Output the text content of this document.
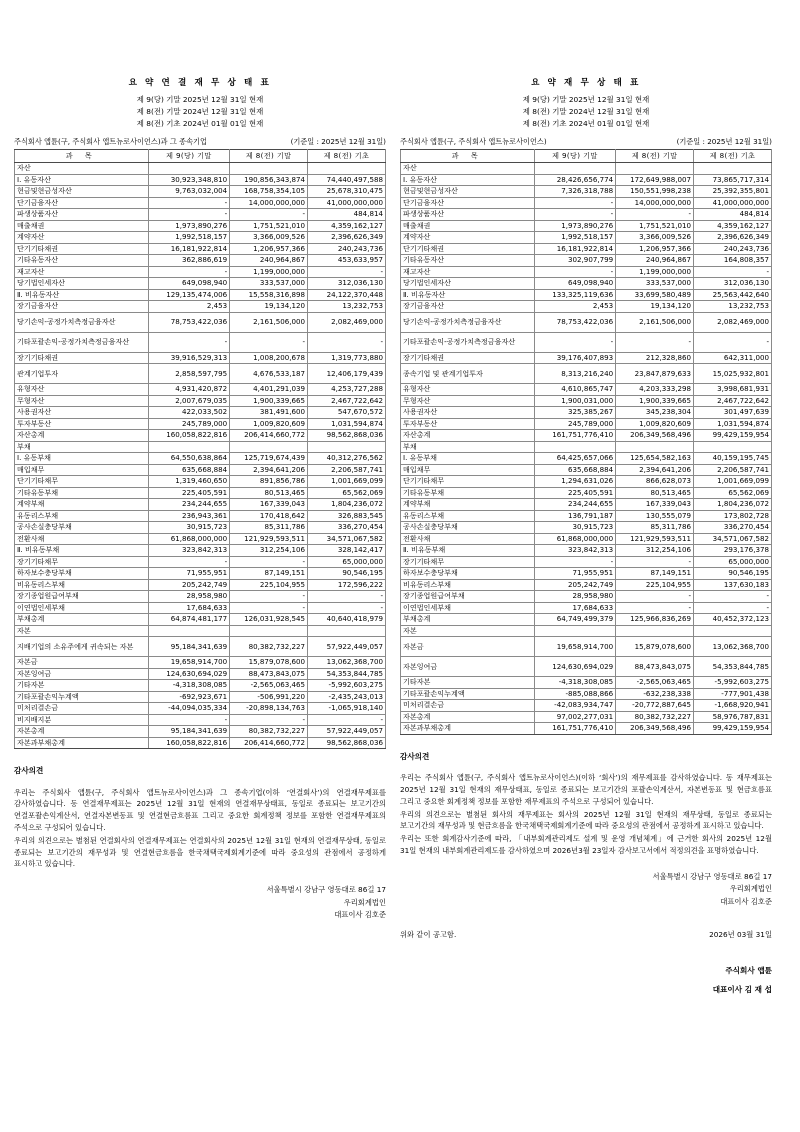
요 약 연 결 재 무 상 태 표
제 9(당) 기말 2025년 12월 31일 현재
제 8(전) 기말 2024년 12월 31일 현재
제 8(전) 기초 2024년 01월 01일 현재
주식회사 앱튠(구, 주식회사 앱트뉴로사이언스)과 그 종속기업	(기준일 : 2025년 12월 31일)
과 목	제 9(당) 기말	제 8(전) 기말	제 8(전) 기초
자산			
Ⅰ. 유동자산	30,923,348,810	190,856,343,874	74,440,497,588
현금및현금성자산	9,763,032,004	168,758,354,105	25,678,310,475
단기금융자산	-	14,000,000,000	41,000,000,000
파생상품자산	-	-	484,814
매출채권	1,973,890,276	1,751,521,010	4,359,162,127
계약자산	1,992,518,157	3,366,009,526	2,396,626,349
단기기타채권	16,181,922,814	1,206,957,366	240,243,736
기타유동자산	362,886,619	240,964,867	453,633,957
재고자산	-	1,199,000,000	-
당기법인세자산	649,098,940	333,537,000	312,036,130
Ⅱ. 비유동자산	129,135,474,006	15,558,316,898	24,122,370,448
장기금융자산	2,453	19,134,120	13,232,753
당기손익-공정가치측정금융자산	78,753,422,036	2,161,506,000	2,082,469,000
기타포괄손익-공정가치측정금융자산	-	-	-
장기기타채권	39,916,529,313	1,008,200,678	1,319,773,880
관계기업투자	2,858,597,795	4,676,533,187	12,406,179,439
유형자산	4,931,420,872	4,401,291,039	4,253,727,288
무형자산	2,007,679,035	1,900,339,665	2,467,722,642
사용권자산	422,033,502	381,491,600	547,670,572
투자부동산	245,789,000	1,009,820,609	1,031,594,874
자산총계	160,058,822,816	206,414,660,772	98,562,868,036
부채			
Ⅰ. 유동부채	64,550,638,864	125,719,674,439	40,312,276,562
매입채무	635,668,884	2,394,641,206	2,206,587,741
단기기타채무	1,319,460,650	891,856,786	1,001,669,099
기타유동부채	225,405,591	80,513,465	65,562,069
계약부채	234,244,655	167,339,043	1,804,236,072
유동리스부채	236,943,361	170,418,642	326,883,545
공사손실충당부채	30,915,723	85,311,786	336,270,454
전환사채	61,868,000,000	121,929,593,511	34,571,067,582
Ⅱ. 비유동부채	323,842,313	312,254,106	328,142,417
장기기타채무	-	-	65,000,000
하자보수충당부채	71,955,951	87,149,151	90,546,195
비유동리스부채	205,242,749	225,104,955	172,596,222
장기종업원급여부채	28,958,980	-	-
이연법인세부채	17,684,633	-	-
부채총계	64,874,481,177	126,031,928,545	40,640,418,979
자본			
지배기업의 소유주에게 귀속되는 자본	95,184,341,639	80,382,732,227	57,922,449,057
자본금	19,658,914,700	15,879,078,600	13,062,368,700
자본잉여금	124,630,694,029	88,473,843,075	54,353,844,785
기타자본	-4,318,308,085	-2,565,063,465	-5,992,603,275
기타포괄손익누계액	-692,923,671	-506,991,220	-2,435,243,013
미처리결손금	-44,094,035,334	-20,898,134,763	-1,065,918,140
비지배지분	-	-	-
자본총계	95,184,341,639	80,382,732,227	57,922,449,057
자본과부채총계	160,058,822,816	206,414,660,772	98,562,868,036
감사의견

우리는 주식회사 앱튠(구, 주식회사 앱트뉴로사이언스)과 그 종속기업(이하 ‘연결회사’)의 연결재무제표를 감사하였습니다. 동 연결재무제표는 2025년 12월 31일 현재의 연결재무상태표, 동일로 종료되는 보고기간의 연결포괄손익계산서, 연결자본변동표 및 연결현금흐름표 그리고 중요한 회계정책 정보를 포함한 연결재무제표의 주석으로 구성되어 있습니다.

우리의 의견으로는 별첨된 연결회사의 연결재무제표는 연결회사의 2025년 12월 31일 현재의 연결재무상태, 동일로 종료되는 보고기간의 재무성과 및 연결현금흐름을 한국채택국제회계기준에 따라 중요성의 관점에서 공정하게 표시하고 있습니다.

서울특별시 강남구 영동대로 86길 17
우리회계법인
대표이사 김호준
요 약 재 무 상 태 표
제 9(당) 기말 2025년 12월 31일 현재
제 8(전) 기말 2024년 12월 31일 현재
제 8(전) 기초 2024년 01월 01일 현재
주식회사 앱튠(구, 주식회사 앱트뉴로사이언스)	(기준일 : 2025년 12월 31일)
과 목	제 9(당) 기말	제 8(전) 기말	제 8(전) 기초
자산			
Ⅰ. 유동자산	28,426,656,774	172,649,988,007	73,865,717,314
현금및현금성자산	7,326,318,788	150,551,998,238	25,392,355,801
단기금융자산	-	14,000,000,000	41,000,000,000
파생상품자산	-	-	484,814
매출채권	1,973,890,276	1,751,521,010	4,359,162,127
계약자산	1,992,518,157	3,366,009,526	2,396,626,349
단기기타채권	16,181,922,814	1,206,957,366	240,243,736
기타유동자산	302,907,799	240,964,867	164,808,357
재고자산	-	1,199,000,000	-
당기법인세자산	649,098,940	333,537,000	312,036,130
Ⅱ. 비유동자산	133,325,119,636	33,699,580,489	25,563,442,640
장기금융자산	2,453	19,134,120	13,232,753
당기손익-공정가치측정금융자산	78,753,422,036	2,161,506,000	2,082,469,000
기타포괄손익-공정가치측정금융자산	-	-	-
장기기타채권	39,176,407,893	212,328,860	642,311,000
종속기업 및 관계기업투자	8,313,216,240	23,847,879,633	15,025,932,801
유형자산	4,610,865,747	4,203,333,298	3,998,681,931
무형자산	1,900,031,000	1,900,339,665	2,467,722,642
사용권자산	325,385,267	345,238,304	301,497,639
투자부동산	245,789,000	1,009,820,609	1,031,594,874
자산총계	161,751,776,410	206,349,568,496	99,429,159,954
부채			
Ⅰ. 유동부채	64,425,657,066	125,654,582,163	40,159,195,745
매입채무	635,668,884	2,394,641,206	2,206,587,741
단기기타채무	1,294,631,026	866,628,073	1,001,669,099
기타유동부채	225,405,591	80,513,465	65,562,069
계약부채	234,244,655	167,339,043	1,804,236,072
유동리스부채	136,791,187	130,555,079	173,802,728
공사손실충당부채	30,915,723	85,311,786	336,270,454
전환사채	61,868,000,000	121,929,593,511	34,571,067,582
Ⅱ. 비유동부채	323,842,313	312,254,106	293,176,378
장기기타채무	-	-	65,000,000
하자보수충당부채	71,955,951	87,149,151	90,546,195
비유동리스부채	205,242,749	225,104,955	137,630,183
장기종업원급여부채	28,958,980	-	-
이연법인세부채	17,684,633	-	-
부채총계	64,749,499,379	125,966,836,269	40,452,372,123
자본			
자본금	19,658,914,700	15,879,078,600	13,062,368,700
자본잉여금	124,630,694,029	88,473,843,075	54,353,844,785
기타자본	-4,318,308,085	-2,565,063,465	-5,992,603,275
기타포괄손익누계액	-885,088,866	-632,238,338	-777,901,438
미처리결손금	-42,083,934,747	-20,772,887,645	-1,668,920,941
자본총계	97,002,277,031	80,382,732,227	58,976,787,831
자본과부채총계	161,751,776,410	206,349,568,496	99,429,159,954
감사의견

우리는 주식회사 앱튠(구, 주식회사 앱트뉴로사이언스)(이하 ‘회사’)의 재무제표를 감사하였습니다. 동 재무제표는 2025년 12월 31일 현재의 재무상태표, 동일로 종료되는 보고기간의 포괄손익계산서, 자본변동표 및 현금흐름표 그리고 중요한 회계정책 정보를 포함한 재무제표의 주석으로 구성되어 있습니다.

우리의 의견으로는 별첨된 회사의 재무제표는 회사의 2025년 12월 31일 현재의 재무상태, 동일로 종료되는 보고기간의 재무성과 및 현금흐름을 한국채택국제회계기준에 따라 중요성의 관점에서 공정하게 표시하고 있습니다.

우리는 또한 회계감사기준에 따라, 「내부회계관리제도 설계 및 운영 개념체계」에 근거한 회사의 2025년 12월 31일 현재의 내부회계관리제도를 감사하였으며 2026년3월 23일자 감사보고서에서 적정의견을 표명하였습니다.

서울특별시 강남구 영동대로 86길 17
우리회계법인
대표이사 김호준
위와 같이 공고함.	2026년 03월 31일
주식회사 앱튠
대표이사 김 재 섭
